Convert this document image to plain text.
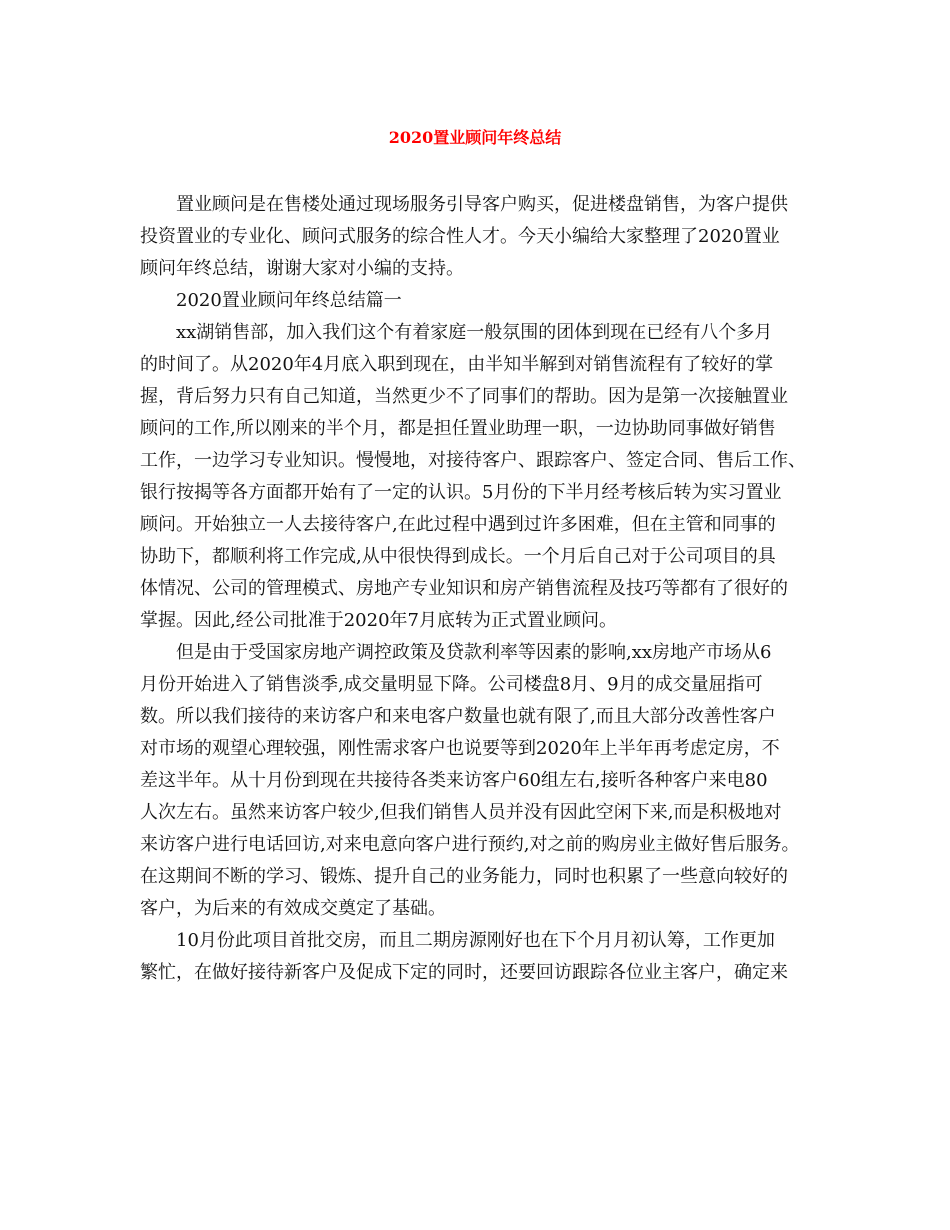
2020置业顾问年终总结
置业顾问是在售楼处通过现场服务引导客户购买，促进楼盘销售，为客户提供
投资置业的专业化、顾问式服务的综合性人才。今天小编给大家整理了2020置业
顾问年终总结，谢谢大家对小编的支持。
2020置业顾问年终总结篇一
xx湖销售部，加入我们这个有着家庭一般氛围的团体到现在已经有八个多月
的时间了。从2020年4月底入职到现在，由半知半解到对销售流程有了较好的掌
握，背后努力只有自己知道，当然更少不了同事们的帮助。因为是第一次接触置业
顾问的工作,所以刚来的半个月，都是担任置业助理一职，一边协助同事做好销售
工作，一边学习专业知识。慢慢地，对接待客户、跟踪客户、签定合同、售后工作、
银行按揭等各方面都开始有了一定的认识。5月份的下半月经考核后转为实习置业
顾问。开始独立一人去接待客户,在此过程中遇到过许多困难，但在主管和同事的
协助下，都顺利将工作完成,从中很快得到成长。一个月后自己对于公司项目的具
体情况、公司的管理模式、房地产专业知识和房产销售流程及技巧等都有了很好的
掌握。因此,经公司批准于2020年7月底转为正式置业顾问。
但是由于受国家房地产调控政策及贷款利率等因素的影响,xx房地产市场从6
月份开始进入了销售淡季,成交量明显下降。公司楼盘8月、9月的成交量屈指可
数。所以我们接待的来访客户和来电客户数量也就有限了,而且大部分改善性客户
对市场的观望心理较强，刚性需求客户也说要等到2020年上半年再考虑定房，不
差这半年。从十月份到现在共接待各类来访客户60组左右,接听各种客户来电80
人次左右。虽然来访客户较少,但我们销售人员并没有因此空闲下来,而是积极地对
来访客户进行电话回访,对来电意向客户进行预约,对之前的购房业主做好售后服务。
在这期间不断的学习、锻炼、提升自己的业务能力，同时也积累了一些意向较好的
客户，为后来的有效成交奠定了基础。
10月份此项目首批交房，而且二期房源刚好也在下个月月初认筹，工作更加
繁忙，在做好接待新客户及促成下定的同时，还要回访跟踪各位业主客户，确定来
